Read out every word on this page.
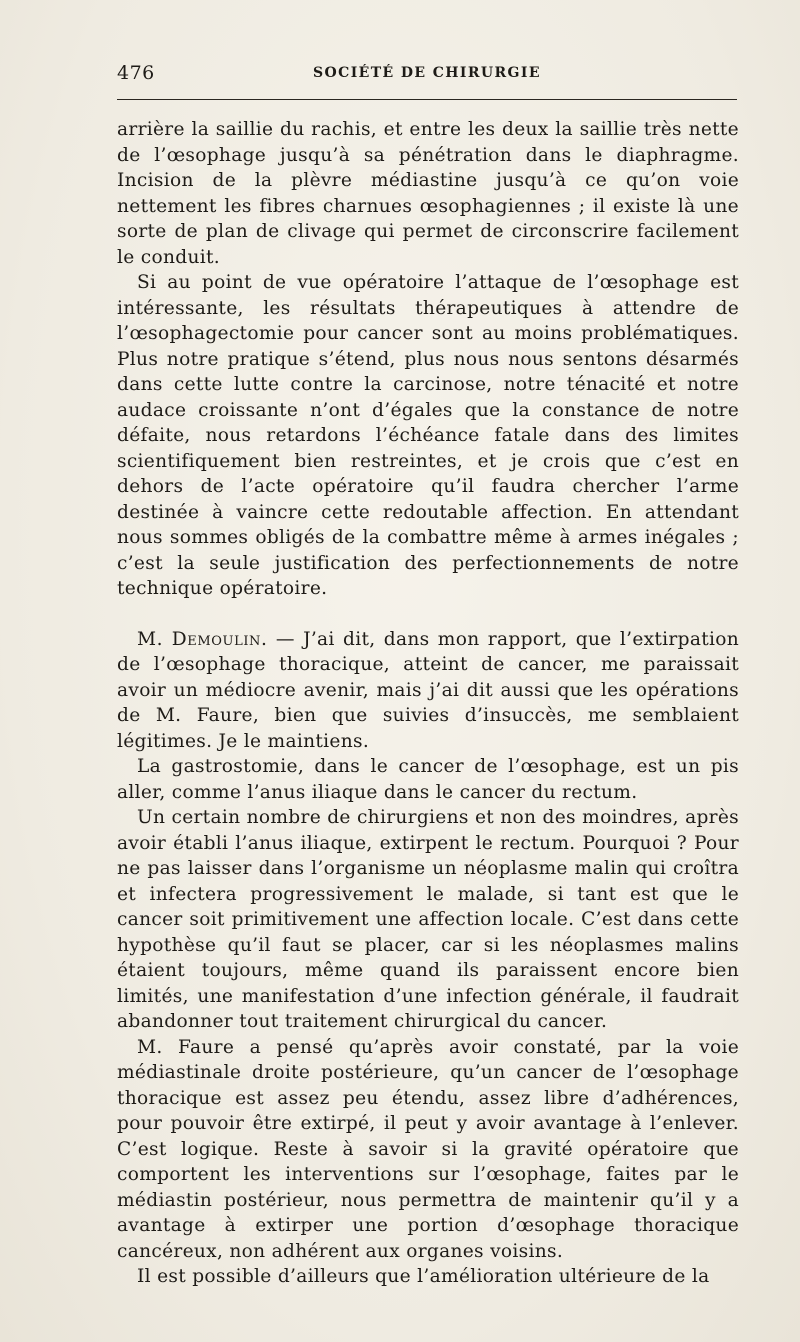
476	SOCIÉTÉ DE CHIRURGIE

arrière la saillie du rachis, et entre les deux la saillie très nette de l’œsophage jusqu’à sa pénétration dans le diaphragme. Incision de la plèvre médiastine jusqu’à ce qu’on voie nettement les fibres charnues œsophagiennes ; il existe là une sorte de plan de clivage qui permet de circonscrire facilement le conduit.

Si au point de vue opératoire l’attaque de l’œsophage est intéressante, les résultats thérapeutiques à attendre de l’œsophagectomie pour cancer sont au moins problématiques. Plus notre pratique s’étend, plus nous nous sentons désarmés dans cette lutte contre la carcinose, notre ténacité et notre audace croissante n’ont d’égales que la constance de notre défaite, nous retardons l’échéance fatale dans des limites scientifiquement bien restreintes, et je crois que c’est en dehors de l’acte opératoire qu’il faudra chercher l’arme destinée à vaincre cette redoutable affection. En attendant nous sommes obligés de la combattre même à armes inégales ; c’est la seule justification des perfectionnements de notre technique opératoire.

M. Demoulin. — J’ai dit, dans mon rapport, que l’extirpation de l’œsophage thoracique, atteint de cancer, me paraissait avoir un médiocre avenir, mais j’ai dit aussi que les opérations de M. Faure, bien que suivies d’insuccès, me semblaient légitimes. Je le maintiens.

La gastrostomie, dans le cancer de l’œsophage, est un pis aller, comme l’anus iliaque dans le cancer du rectum.

Un certain nombre de chirurgiens et non des moindres, après avoir établi l’anus iliaque, extirpent le rectum. Pourquoi ? Pour ne pas laisser dans l’organisme un néoplasme malin qui croîtra et infectera progressivement le malade, si tant est que le cancer soit primitivement une affection locale. C’est dans cette hypothèse qu’il faut se placer, car si les néoplasmes malins étaient toujours, même quand ils paraissent encore bien limités, une manifestation d’une infection générale, il faudrait abandonner tout traitement chirurgical du cancer.

M. Faure a pensé qu’après avoir constaté, par la voie médiastinale droite postérieure, qu’un cancer de l’œsophage thoracique est assez peu étendu, assez libre d’adhérences, pour pouvoir être extirpé, il peut y avoir avantage à l’enlever. C’est logique. Reste à savoir si la gravité opératoire que comportent les interventions sur l’œsophage, faites par le médiastin postérieur, nous permettra de maintenir qu’il y a avantage à extirper une portion d’œsophage thoracique cancéreux, non adhérent aux organes voisins.

Il est possible d’ailleurs que l’amélioration ultérieure de la
